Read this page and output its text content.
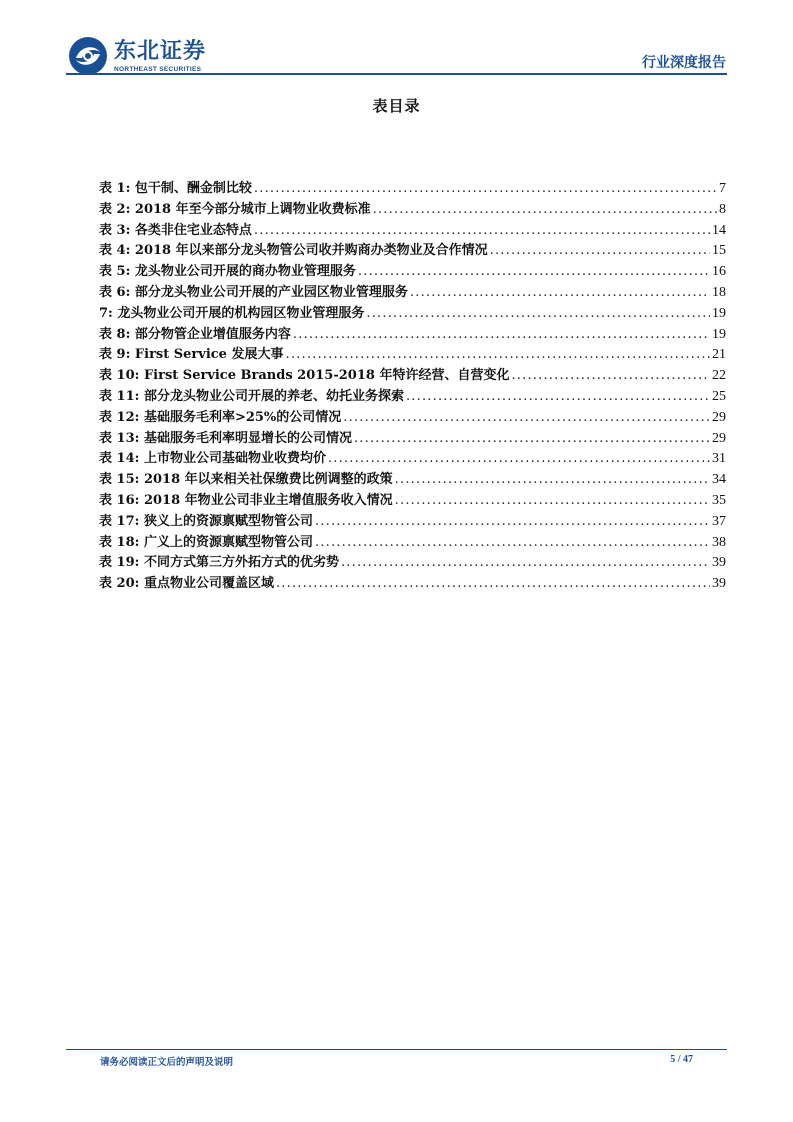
东北证券
NORTHEAST SECURITIES	行业深度报告
表目录
表 1: 包干制、酬金制比较 .....	7
表 2: 2018 年至今部分城市上调物业收费标准 .....	8
表 3: 各类非住宅业态特点 .....	14
表 4: 2018 年以来部分龙头物管公司收并购商办类物业及合作情况 .....	15
表 5: 龙头物业公司开展的商办物业管理服务 .....	16
表 6: 部分龙头物业公司开展的产业园区物业管理服务 .....	18
7: 龙头物业公司开展的机构园区物业管理服务 .....	19
表 8: 部分物管企业增值服务内容 .....	19
表 9: First Service 发展大事 .....	21
表 10: First Service Brands 2015-2018 年特许经营、自营变化 .....	22
表 11: 部分龙头物业公司开展的养老、幼托业务探索 .....	25
表 12: 基础服务毛利率>25%的公司情况 .....	29
表 13: 基础服务毛利率明显增长的公司情况 .....	29
表 14: 上市物业公司基础物业收费均价 .....	31
表 15: 2018 年以来相关社保缴费比例调整的政策 .....	34
表 16: 2018 年物业公司非业主增值服务收入情况 .....	35
表 17: 狭义上的资源禀赋型物管公司 .....	37
表 18: 广义上的资源禀赋型物管公司 .....	38
表 19: 不同方式第三方外拓方式的优劣势 .....	39
表 20: 重点物业公司覆盖区域 .....	39
请务必阅读正文后的声明及说明	5 / 47
